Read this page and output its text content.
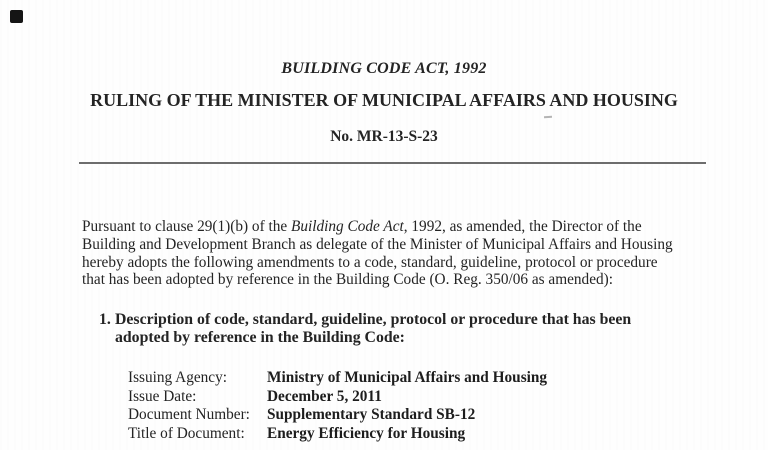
BUILDING CODE ACT, 1992
RULING OF THE MINISTER OF MUNICIPAL AFFAIRS AND HOUSING
No. MR-13-S-23
Pursuant to clause 29(1)(b) of the Building Code Act, 1992, as amended, the Director of the
Building and Development Branch as delegate of the Minister of Municipal Affairs and Housing
hereby adopts the following amendments to a code, standard, guideline, protocol or procedure
that has been adopted by reference in the Building Code (O. Reg. 350/06 as amended):
1. Description of code, standard, guideline, protocol or procedure that has been
adopted by reference in the Building Code:
Issuing Agency:	Ministry of Municipal Affairs and Housing
Issue Date:	December 5, 2011
Document Number: Supplementary Standard SB-12
Title of Document: Energy Efficiency for Housing
